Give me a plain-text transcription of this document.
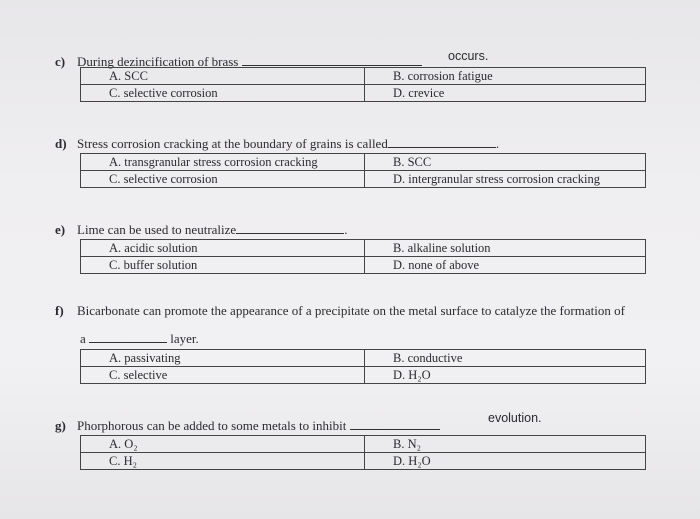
c) During dezincification of brass	occurs.
A. SCC	B. corrosion fatigue
C. selective corrosion	D. crevice
d) Stress corrosion cracking at the boundary of grains is called	.
A. transgranular stress corrosion cracking	B. SCC
C. selective corrosion	D. intergranular stress corrosion cracking
e) Lime can be used to neutralize	.
A. acidic solution	B. alkaline solution
C. buffer solution	D. none of above
f) Bicarbonate can promote the appearance of a precipitate on the metal surface to catalyze the formation of
a	layer.
A. passivating	B. conductive
C. selective	D. H₂O
g) Phorphorous can be added to some metals to inhibit	evolution.
A. O₂	B. N₂
C. H₂	D. H₂O
